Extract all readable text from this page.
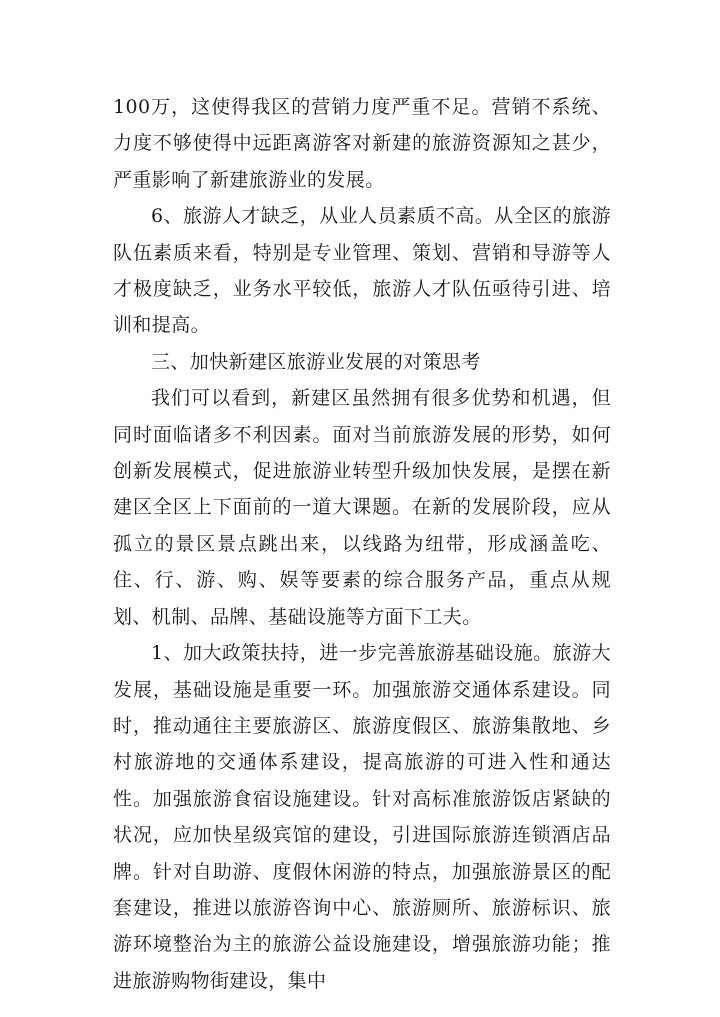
100万，这使得我区的营销力度严重不足。营销不系统、力度不够使得中远距离游客对新建的旅游资源知之甚少，严重影响了新建旅游业的发展。

6、旅游人才缺乏，从业人员素质不高。从全区的旅游队伍素质来看，特别是专业管理、策划、营销和导游等人才极度缺乏，业务水平较低，旅游人才队伍亟待引进、培训和提高。

三、加快新建区旅游业发展的对策思考

我们可以看到，新建区虽然拥有很多优势和机遇，但同时面临诸多不利因素。面对当前旅游发展的形势，如何创新发展模式，促进旅游业转型升级加快发展，是摆在新建区全区上下面前的一道大课题。在新的发展阶段，应从孤立的景区景点跳出来，以线路为纽带，形成涵盖吃、住、行、游、购、娱等要素的综合服务产品，重点从规划、机制、品牌、基础设施等方面下工夫。

1、加大政策扶持，进一步完善旅游基础设施。旅游大发展，基础设施是重要一环。加强旅游交通体系建设。同时，推动通往主要旅游区、旅游度假区、旅游集散地、乡村旅游地的交通体系建设，提高旅游的可进入性和通达性。加强旅游食宿设施建设。针对高标准旅游饭店紧缺的状况，应加快星级宾馆的建设，引进国际旅游连锁酒店品牌。针对自助游、度假休闲游的特点，加强旅游景区的配套建设，推进以旅游咨询中心、旅游厕所、旅游标识、旅游环境整治为主的旅游公益设施建设，增强旅游功能；推进旅游购物街建设，集中
